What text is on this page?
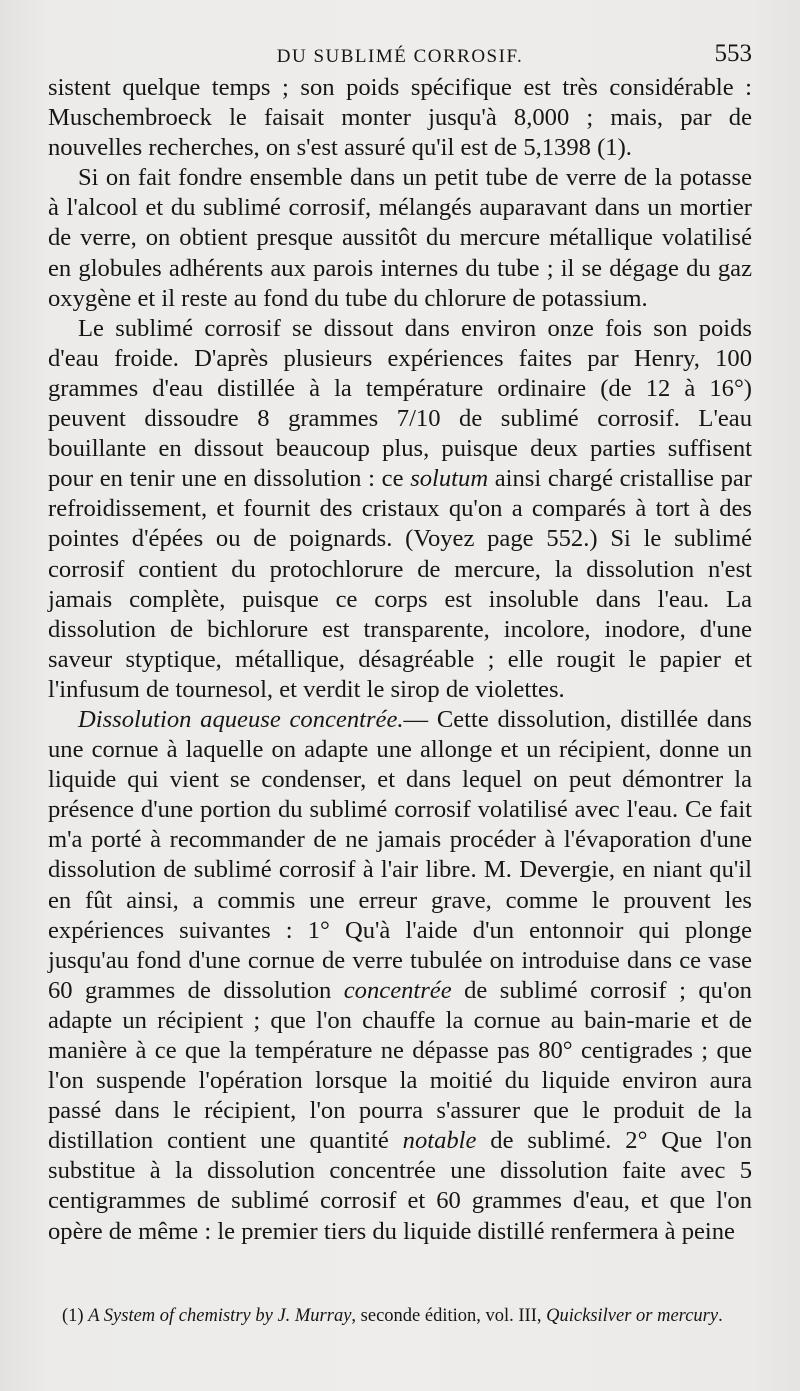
DU SUBLIMÉ CORROSIF.	553

sistent quelque temps ; son poids spécifique est très considérable : Muschembroeck le faisait monter jusqu'à 8,000 ; mais, par de nouvelles recherches, on s'est assuré qu'il est de 5,1398 (1).

Si on fait fondre ensemble dans un petit tube de verre de la potasse à l'alcool et du sublimé corrosif, mélangés auparavant dans un mortier de verre, on obtient presque aussitôt du mercure métallique volatilisé en globules adhérents aux parois internes du tube ; il se dégage du gaz oxygène et il reste au fond du tube du chlorure de potassium.

Le sublimé corrosif se dissout dans environ onze fois son poids d'eau froide. D'après plusieurs expériences faites par Henry, 100 grammes d'eau distillée à la température ordinaire (de 12 à 16°) peuvent dissoudre 8 grammes 7/10 de sublimé corrosif. L'eau bouillante en dissout beaucoup plus, puisque deux parties suffisent pour en tenir une en dissolution : ce solutum ainsi chargé cristallise par refroidissement, et fournit des cristaux qu'on a comparés à tort à des pointes d'épées ou de poignards. (Voyez page 552.) Si le sublimé corrosif contient du protochlorure de mercure, la dissolution n'est jamais complète, puisque ce corps est insoluble dans l'eau. La dissolution de bichlorure est transparente, incolore, inodore, d'une saveur styptique, métallique, désagréable ; elle rougit le papier et l'infusum de tournesol, et verdit le sirop de violettes.

Dissolution aqueuse concentrée.— Cette dissolution, distillée dans une cornue à laquelle on adapte une allonge et un récipient, donne un liquide qui vient se condenser, et dans lequel on peut démontrer la présence d'une portion du sublimé corrosif volatilisé avec l'eau. Ce fait m'a porté à recommander de ne jamais procéder à l'évaporation d'une dissolution de sublimé corrosif à l'air libre. M. Devergie, en niant qu'il en fût ainsi, a commis une erreur grave, comme le prouvent les expériences suivantes : 1° Qu'à l'aide d'un entonnoir qui plonge jusqu'au fond d'une cornue de verre tubulée on introduise dans ce vase 60 grammes de dissolution concentrée de sublimé corrosif ; qu'on adapte un récipient ; que l'on chauffe la cornue au bain-marie et de manière à ce que la température ne dépasse pas 80° centigrades ; que l'on suspende l'opération lorsque la moitié du liquide environ aura passé dans le récipient, l'on pourra s'assurer que le produit de la distillation contient une quantité notable de sublimé. 2° Que l'on substitue à la dissolution concentrée une dissolution faite avec 5 centigrammes de sublimé corrosif et 60 grammes d'eau, et que l'on opère de même : le premier tiers du liquide distillé renfermera à peine

(1) A System of chemistry by J. Murray, seconde édition, vol. III, Quicksilver or mercury.
